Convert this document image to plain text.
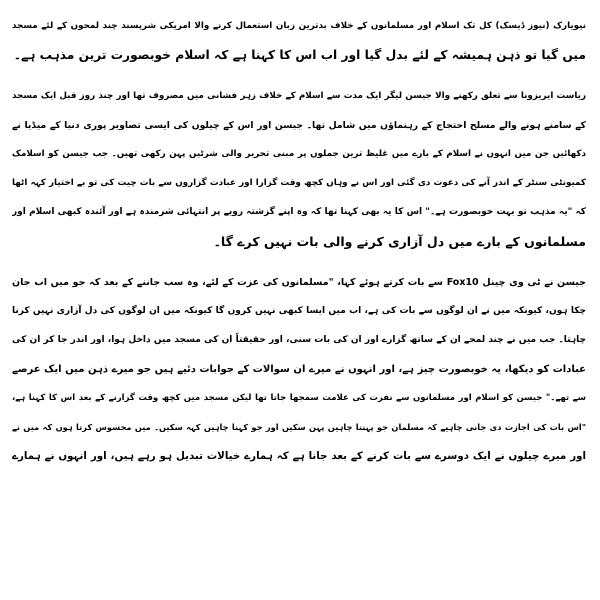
نیویارک (نیوز ڈیسک) کل تک اسلام اور مسلمانوں کے خلاف بدترین زبان استعمال کرنے والا امریکی شرپسند چند لمحوں کے لئے مسجد
میں گیا تو ذہن ہمیشہ کے لئے بدل گیا اور اب اس کا کہنا ہے کہ اسلام خوبصورت ترین مذہب ہے۔
ریاست ایریزونا سے تعلق رکھنے والا جیسن لیگر ایک مدت سے اسلام کے خلاف زہر فشانی میں مصروف تھا اور چند روز قبل ایک مسجد
کے سامنے ہونے والے مسلح احتجاج کے رہنماؤں میں شامل تھا۔ جیسن اور اس کے چیلوں کی ایسی تصاویر پوری دنیا کے میڈیا نے
دکھائیں جن میں انہوں نے اسلام کے بارے میں غلیظ ترین جملوں پر مبنی تحریر والی شرٹیں پہن رکھی تھیں۔ جب جیسن کو اسلامک
کمیونٹی سنٹر کے اندر آنے کی دعوت دی گئی اور اس نے وہاں کچھ وقت گزارا اور عبادت گزاروں سے بات چیت کی تو بے اختیار کہہ اٹھا
کہ "یہ مذہب تو بہت خوبصورت ہے۔" اس کا یہ بھی کہنا تھا کہ وہ اپنے گزشتہ رویے پر انتہائی شرمندہ ہے اور آئندہ کبھی اسلام اور
مسلمانوں کے بارے میں دل آزاری کرنے والی بات نہیں کرے گا۔
جیسن نے ٹی وی چینل Fox10 سے بات کرتے ہوئے کہا، "مسلمانوں کی عزت کے لئے، وہ سب جاننے کے بعد کہ جو میں اب جان
چکا ہوں، کیونکہ میں نے ان لوگوں سے بات کی ہے، اب میں ایسا کبھی نہیں کروں گا کیونکہ میں ان لوگوں کی دل آزاری نہیں کرنا
چاہتا۔ جب میں نے چند لمحے ان کے ساتھ گزارے اور ان کی بات سنی، اور حقیقتاً ان کی مسجد میں داخل ہوا، اور اندر جا کر ان کی
عبادات کو دیکھا، یہ خوبصورت چیز ہے، اور انہوں نے میرے ان سوالات کے جوابات دئیے ہیں جو میرے ذہن میں ایک عرصے
سے تھے۔" جیسن کو اسلام اور مسلمانوں سے نفرت کی علامت سمجھا جاتا تھا لیکن مسجد میں کچھ وقت گزارنے کے بعد اس کا کہنا ہے،
"اس بات کی اجازت دی جانی چاہیے کہ مسلمان جو پہننا چاہیں پہن سکیں اور جو کہنا چاہیں کہہ سکیں۔ میں محسوس کرتا ہوں کہ میں نے
اور میرے چیلوں نے ایک دوسرے سے بات کرنے کے بعد جانا ہے کہ ہمارے خیالات تبدیل ہو رہے ہیں، اور انہوں نے ہمارے
